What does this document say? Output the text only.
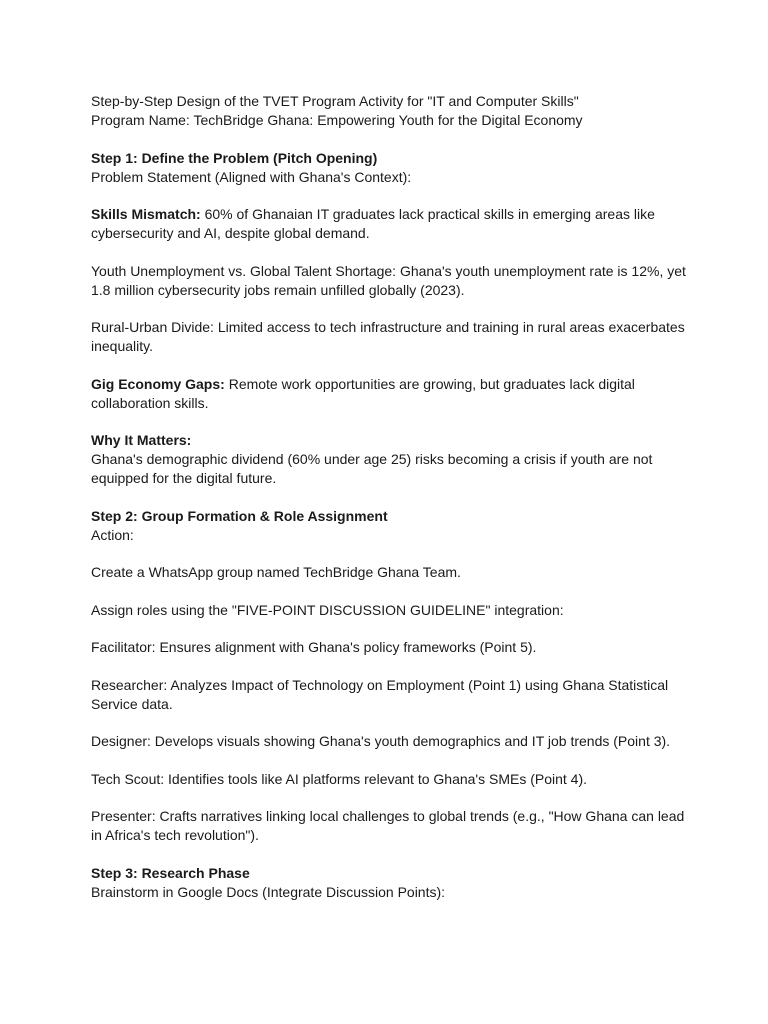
Step-by-Step Design of the TVET Program Activity for "IT and Computer Skills"

Program Name: TechBridge Ghana: Empowering Youth for the Digital Economy

Step 1: Define the Problem (Pitch Opening)

Problem Statement (Aligned with Ghana's Context):

Skills Mismatch: 60% of Ghanaian IT graduates lack practical skills in emerging areas like cybersecurity and AI, despite global demand.

Youth Unemployment vs. Global Talent Shortage: Ghana's youth unemployment rate is 12%, yet 1.8 million cybersecurity jobs remain unfilled globally (2023).

Rural-Urban Divide: Limited access to tech infrastructure and training in rural areas exacerbates inequality.

Gig Economy Gaps: Remote work opportunities are growing, but graduates lack digital collaboration skills.

Why It Matters:

Ghana's demographic dividend (60% under age 25) risks becoming a crisis if youth are not equipped for the digital future.

Step 2: Group Formation & Role Assignment

Action:

Create a WhatsApp group named TechBridge Ghana Team.

Assign roles using the "FIVE-POINT DISCUSSION GUIDELINE" integration:

Facilitator: Ensures alignment with Ghana's policy frameworks (Point 5).

Researcher: Analyzes Impact of Technology on Employment (Point 1) using Ghana Statistical Service data.

Designer: Develops visuals showing Ghana's youth demographics and IT job trends (Point 3).

Tech Scout: Identifies tools like AI platforms relevant to Ghana's SMEs (Point 4).

Presenter: Crafts narratives linking local challenges to global trends (e.g., "How Ghana can lead in Africa's tech revolution").

Step 3: Research Phase

Brainstorm in Google Docs (Integrate Discussion Points):
